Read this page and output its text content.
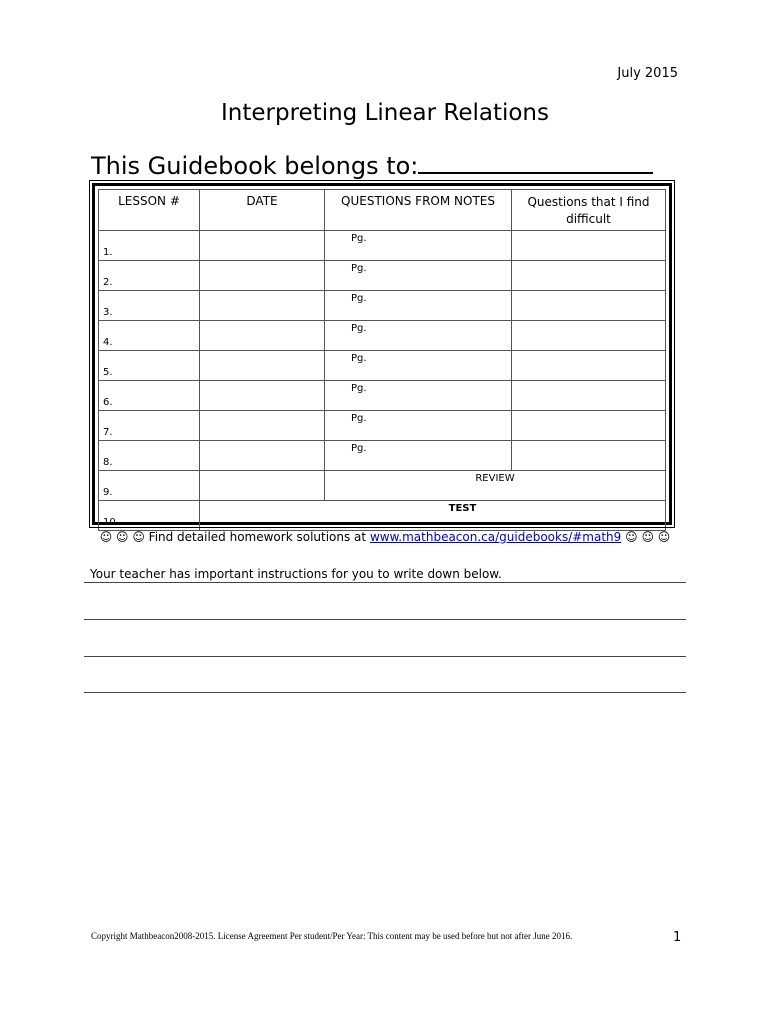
July 2015
Interpreting Linear Relations
This Guidebook belongs to:
LESSON #	DATE	QUESTIONS FROM NOTES	Questions that I find difficult

1.		Pg.	

2.		Pg.	

3.		Pg.	

4.		Pg.	

5.		Pg.	

6.		Pg.	

7.		Pg.	

8.		Pg.	

9.		REVIEW	

10.	TEST		
☺ ☺ ☺ Find detailed homework solutions at www.mathbeacon.ca/guidebooks/#math9 ☺ ☺ ☺
Your teacher has important instructions for you to write down below.
Copyright Mathbeacon2008-2015. License Agreement Per student/Per Year: This content may be used before but not after June 2016.	1
